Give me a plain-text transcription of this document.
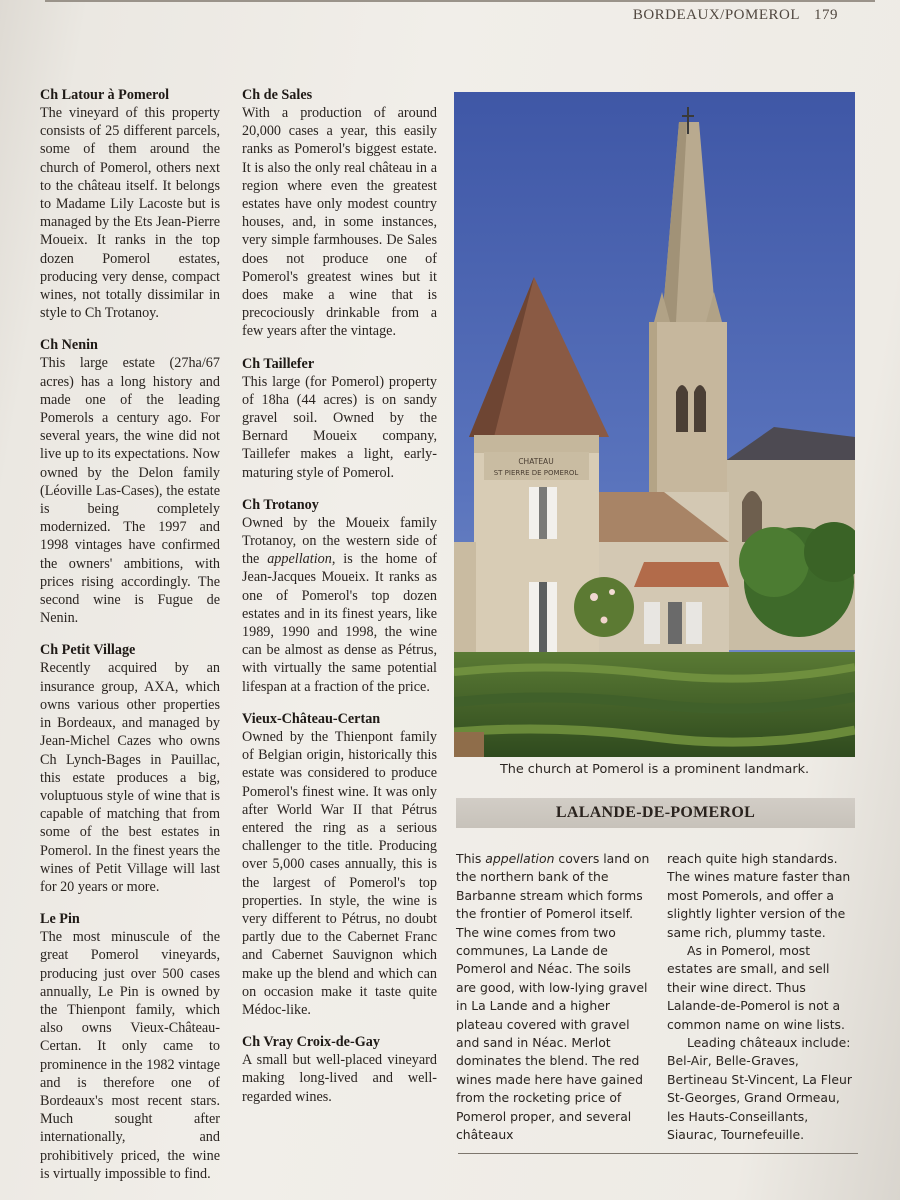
BORDEAUX/POMEROL 179
Ch Latour à Pomerol

The vineyard of this property consists of 25 different parcels, some of them around the church of Pomerol, others next to the château itself. It belongs to Madame Lily Lacoste but is managed by the Ets Jean-Pierre Moueix. It ranks in the top dozen Pomerol estates, producing very dense, compact wines, not totally dissimilar in style to Ch Trotanoy.

Ch Nenin

This large estate (27ha/67 acres) has a long history and made one of the leading Pomerols a century ago. For several years, the wine did not live up to its expectations. Now owned by the Delon family (Léoville Las-Cases), the estate is being completely modernized. The 1997 and 1998 vintages have confirmed the owners' ambitions, with prices rising accordingly. The second wine is Fugue de Nenin.

Ch Petit Village

Recently acquired by an insurance group, AXA, which owns various other properties in Bordeaux, and managed by Jean-Michel Cazes who owns Ch Lynch-Bages in Pauillac, this estate produces a big, voluptuous style of wine that is capable of matching that from some of the best estates in Pomerol. In the finest years the wines of Petit Village will last for 20 years or more.

Le Pin

The most minuscule of the great Pomerol vineyards, producing just over 500 cases annually, Le Pin is owned by the Thienpont family, which also owns Vieux-Château-Certan. It only came to prominence in the 1982 vintage and is therefore one of Bordeaux's most recent stars. Much sought after internationally, and prohibitively priced, the wine is virtually impossible to find.

Ch de Sales

With a production of around 20,000 cases a year, this easily ranks as Pomerol's biggest estate. It is also the only real château in a region where even the greatest estates have only modest country houses, and, in some instances, very simple farmhouses. De Sales does not produce one of Pomerol's greatest wines but it does make a wine that is precociously drinkable from a few years after the vintage.

Ch Taillefer

This large (for Pomerol) property of 18ha (44 acres) is on sandy gravel soil. Owned by the Bernard Moueix company, Taillefer makes a light, early-maturing style of Pomerol.

Ch Trotanoy

Owned by the Moueix family Trotanoy, on the western side of the appellation, is the home of Jean-Jacques Moueix. It ranks as one of Pomerol's top dozen estates and in its finest years, like 1989, 1990 and 1998, the wine can be almost as dense as Pétrus, with virtually the same potential lifespan at a fraction of the price.

Vieux-Château-Certan

Owned by the Thienpont family of Belgian origin, historically this estate was considered to produce Pomerol's finest wine. It was only after World War II that Pétrus entered the ring as a serious challenger to the title. Producing over 5,000 cases annually, this is the largest of Pomerol's top properties. In style, the wine is very different to Pétrus, no doubt partly due to the Cabernet Franc and Cabernet Sauvignon which make up the blend and which can on occasion make it taste quite Médoc-like.

Ch Vray Croix-de-Gay

A small but well-placed vineyard making long-lived and well-regarded wines.

CHATEAU
ST PIERRE DE POMEROL
The church at Pomerol is a prominent landmark.
LALANDE-DE-POMEROL

This appellation covers land on the northern bank of the Barbanne stream which forms the frontier of Pomerol itself. The wine comes from two communes, La Lande de Pomerol and Néac. The soils are good, with low-lying gravel in La Lande and a higher plateau covered with gravel and sand in Néac. Merlot dominates the blend. The red wines made here have gained from the rocketing price of Pomerol proper, and several châteaux

reach quite high standards. The wines mature faster than most Pomerols, and offer a slightly lighter version of the same rich, plummy taste.

As in Pomerol, most estates are small, and sell their wine direct. Thus Lalande-de-Pomerol is not a common name on wine lists.

Leading châteaux include: Bel-Air, Belle-Graves, Bertineau St-Vincent, La Fleur St-Georges, Grand Ormeau, les Hauts-Conseillants, Siaurac, Tournefeuille.
